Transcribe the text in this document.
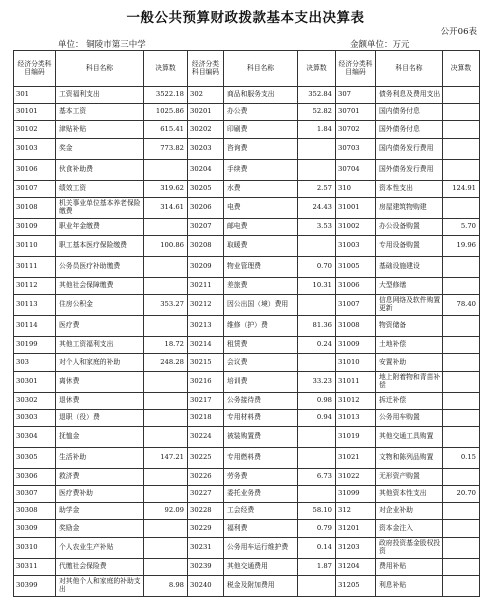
一般公共预算财政拨款基本支出决算表
公开06表
单位： 铜陵市第三中学	金额单位：万元
经济分类科目编码	科目名称	决算数	经济分类科目编码	科目名称	决算数	经济分类科目编码	科目名称	决算数
301	工资福利支出	3522.18	302	商品和服务支出	352.84	307	债务利息及费用支出	
30101	基本工资	1025.86	30201	办公费	52.82	30701	国内债务付息	
30102	津贴补贴	615.41	30202	印刷费	1.84	30702	国外债务付息	
30103	奖金	773.82	30203	咨询费		30703	国内债务发行费用	
30106	伙食补助费		30204	手续费		30704	国外债务发行费用	
30107	绩效工资	319.62	30205	水费	2.57	310	资本性支出	124.91
30108	机关事业单位基本养老保险缴费	314.61	30206	电费	24.43	31001	房屋建筑物购建	
30109	职业年金缴费		30207	邮电费	3.53	31002	办公设备购置	5.70
30110	职工基本医疗保险缴费	100.86	30208	取暖费		31003	专用设备购置	19.96
30111	公务员医疗补助缴费		30209	物业管理费	0.70	31005	基础设施建设	
30112	其他社会保障缴费		30211	差旅费	10.31	31006	大型修缮	
30113	住房公积金	353.27	30212	因公出国（境）费用		31007	信息网络及软件购置更新	78.40
30114	医疗费		30213	维修（护）费	81.36	31008	物资储备	
30199	其他工资福利支出	18.72	30214	租赁费	0.24	31009	土地补偿	
303	对个人和家庭的补助	248.28	30215	会议费		31010	安置补助	
30301	离休费		30216	培训费	33.23	31011	地上附着物和青苗补偿	
30302	退休费		30217	公务接待费	0.98	31012	拆迁补偿	
30303	退职（役）费		30218	专用材料费	0.94	31013	公务用车购置	
30304	抚恤金		30224	被装购置费		31019	其他交通工具购置	
30305	生活补助	147.21	30225	专用燃料费		31021	文物和陈列品购置	0.15
30306	救济费		30226	劳务费	6.73	31022	无形资产购置	
30307	医疗费补助		30227	委托业务费		31099	其他资本性支出	20.70
30308	助学金	92.09	30228	工会经费	58.10	312	对企业补助	
30309	奖励金		30229	福利费	0.79	31201	资本金注入	
30310	个人农业生产补贴		30231	公务用车运行维护费	0.14	31203	政府投资基金股权投资	
30311	代缴社会保险费		30239	其他交通费用	1.87	31204	费用补贴	
30399	对其他个人和家庭的补助支出	8.98	30240	税金及附加费用		31205	利息补贴	
